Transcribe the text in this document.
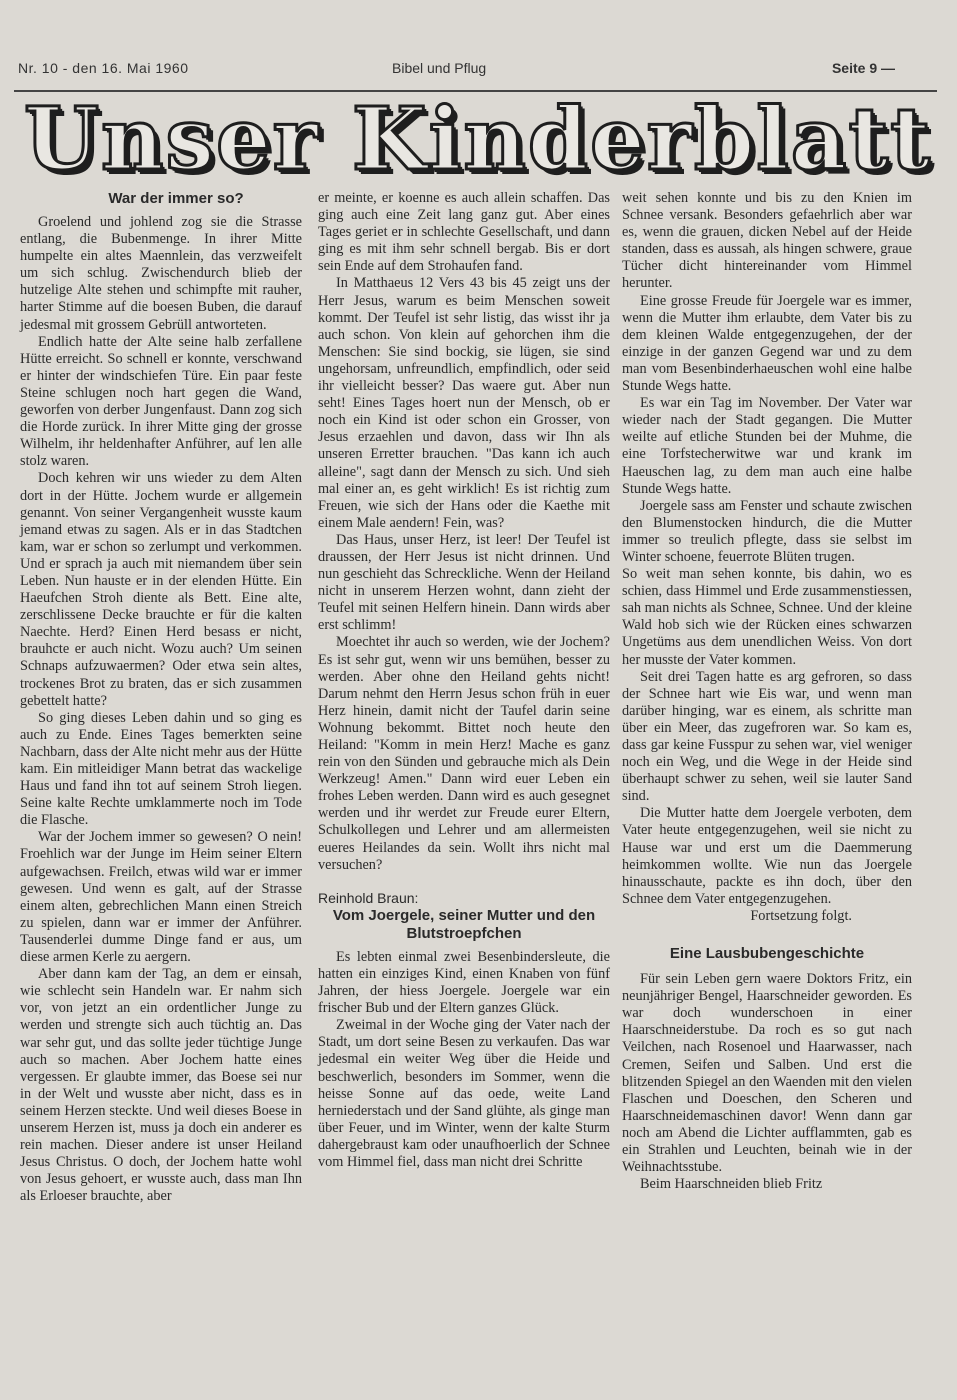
Nr. 10 - den 16. Mai 1960	Bibel und Pflug	Seite 9 —
Unser Kinderblatt
War der immer so?

Groelend und johlend zog sie die Strasse entlang, die Bubenmenge. In ihrer Mitte humpelte ein altes Maennlein, das verzweifelt um sich schlug. Zwischendurch blieb der hutzelige Alte stehen und schimpfte mit rauher, harter Stimme auf die boesen Buben, die darauf jedesmal mit grossem Gebrüll antworteten.

Endlich hatte der Alte seine halb zerfallene Hütte erreicht. So schnell er konnte, verschwand er hinter der windschiefen Türe. Ein paar feste Steine schlugen noch hart gegen die Wand, geworfen von derber Jungenfaust. Dann zog sich die Horde zurück. In ihrer Mitte ging der grosse Wilhelm, ihr heldenhafter Anführer, auf len alle stolz waren.

Doch kehren wir uns wieder zu dem Alten dort in der Hütte. Jochem wurde er allgemein genannt. Von seiner Vergangenheit wusste kaum jemand etwas zu sagen. Als er in das Stadtchen kam, war er schon so zerlumpt und verkommen. Und er sprach ja auch mit niemandem über sein Leben. Nun hauste er in der elenden Hütte. Ein Haeufchen Stroh diente als Bett. Eine alte, zerschlissene Decke brauchte er für die kalten Naechte. Herd? Einen Herd besass er nicht, brauhcte er auch nicht. Wozu auch? Um seinen Schnaps aufzuwaermen? Oder etwa sein altes, trockenes Brot zu braten, das er sich zusammen gebettelt hatte?

So ging dieses Leben dahin und so ging es auch zu Ende. Eines Tages bemerkten seine Nachbarn, dass der Alte nicht mehr aus der Hütte kam. Ein mitleidiger Mann betrat das wackelige Haus und fand ihn tot auf seinem Stroh liegen. Seine kalte Rechte umklammerte noch im Tode die Flasche.

War der Jochem immer so gewesen? O nein! Froehlich war der Junge im Heim seiner Eltern aufgewachsen. Freilch, etwas wild war er immer gewesen. Und wenn es galt, auf der Strasse einem alten, gebrechlichen Mann einen Streich zu spielen, dann war er immer der Anführer. Tausenderlei dumme Dinge fand er aus, um diese armen Kerle zu aergern.

Aber dann kam der Tag, an dem er einsah, wie schlecht sein Handeln war. Er nahm sich vor, von jetzt an ein ordentlicher Junge zu werden und strengte sich auch tüchtig an. Das war sehr gut, und das sollte jeder tüchtige Junge auch so machen. Aber Jochem hatte eines vergessen. Er glaubte immer, das Boese sei nur in der Welt und wusste aber nicht, dass es in seinem Herzen steckte. Und weil dieses Boese in unserem Herzen ist, muss ja doch ein anderer es rein machen. Dieser andere ist unser Heiland Jesus Christus. O doch, der Jochem hatte wohl von Jesus gehoert, er wusste auch, dass man Ihn als Erloeser brauchte, aber

er meinte, er koenne es auch allein schaffen. Das ging auch eine Zeit lang ganz gut. Aber eines Tages geriet er in schlechte Gesellschaft, und dann ging es mit ihm sehr schnell bergab. Bis er dort sein Ende auf dem Strohaufen fand.

In Matthaeus 12 Vers 43 bis 45 zeigt uns der Herr Jesus, warum es beim Menschen soweit kommt. Der Teufel ist sehr listig, das wisst ihr ja auch schon. Von klein auf gehorchen ihm die Menschen: Sie sind bockig, sie lügen, sie sind ungehorsam, unfreundlich, empfindlich, oder seid ihr vielleicht besser? Das waere gut. Aber nun seht! Eines Tages hoert nun der Mensch, ob er noch ein Kind ist oder schon ein Grosser, von Jesus erzaehlen und davon, dass wir Ihn als unseren Erretter brauchen. "Das kann ich auch alleine", sagt dann der Mensch zu sich. Und sieh mal einer an, es geht wirklich! Es ist richtig zum Freuen, wie sich der Hans oder die Kaethe mit einem Male aendern! Fein, was?

Das Haus, unser Herz, ist leer! Der Teufel ist draussen, der Herr Jesus ist nicht drinnen. Und nun geschieht das Schreckliche. Wenn der Heiland nicht in unserem Herzen wohnt, dann zieht der Teufel mit seinen Helfern hinein. Dann wirds aber erst schlimm!

Moechtet ihr auch so werden, wie der Jochem? Es ist sehr gut, wenn wir uns bemühen, besser zu werden. Aber ohne den Heiland gehts nicht! Darum nehmt den Herrn Jesus schon früh in euer Herz hinein, damit nicht der Taufel darin seine Wohnung bekommt. Bittet noch heute den Heiland: "Komm in mein Herz! Mache es ganz rein von den Sünden und gebrauche mich als Dein Werkzeug! Amen." Dann wird euer Leben ein frohes Leben werden. Dann wird es auch gesegnet werden und ihr werdet zur Freude eurer Eltern, Schulkollegen und Lehrer und am allermeisten eueres Heilandes da sein. Wollt ihrs nicht mal versuchen?

Reinhold Braun:
Vom Joergele, seiner Mutter und den Blutstroepfchen

Es lebten einmal zwei Besenbindersleute, die hatten ein einziges Kind, einen Knaben von fünf Jahren, der hiess Joergele. Joergele war ein frischer Bub und der Eltern ganzes Glück.

Zweimal in der Woche ging der Vater nach der Stadt, um dort seine Besen zu verkaufen. Das war jedesmal ein weiter Weg über die Heide und beschwerlich, besonders im Sommer, wenn die heisse Sonne auf das oede, weite Land herniederstach und der Sand glühte, als ginge man über Feuer, und im Winter, wenn der kalte Sturm dahergebraust kam oder unaufhoerlich der Schnee vom Himmel fiel, dass man nicht drei Schritte

weit sehen konnte und bis zu den Knien im Schnee versank. Besonders gefaehrlich aber war es, wenn die grauen, dicken Nebel auf der Heide standen, dass es aussah, als hingen schwere, graue Tücher dicht hintereinander vom Himmel herunter.

Eine grosse Freude für Joergele war es immer, wenn die Mutter ihm erlaubte, dem Vater bis zu dem kleinen Walde entgegenzugehen, der der einzige in der ganzen Gegend war und zu dem man vom Besenbinderhaeuschen wohl eine halbe Stunde Wegs hatte.

Es war ein Tag im November. Der Vater war wieder nach der Stadt gegangen. Die Mutter weilte auf etliche Stunden bei der Muhme, die eine Torfstecherwitwe war und krank im Haeuschen lag, zu dem man auch eine halbe Stunde Wegs hatte.

Joergele sass am Fenster und schaute zwischen den Blumenstocken hindurch, die die Mutter immer so treulich pflegte, dass sie selbst im Winter schoene, feuerrote Blüten trugen.

So weit man sehen konnte, bis dahin, wo es schien, dass Himmel und Erde zusammenstiessen, sah man nichts als Schnee, Schnee. Und der kleine Wald hob sich wie der Rücken eines schwarzen Ungetüms aus dem unendlichen Weiss. Von dort her musste der Vater kommen.

Seit drei Tagen hatte es arg gefroren, so dass der Schnee hart wie Eis war, und wenn man darüber hinging, war es einem, als schritte man über ein Meer, das zugefroren war. So kam es, dass gar keine Fusspur zu sehen war, viel weniger noch ein Weg, und die Wege in der Heide sind überhaupt schwer zu sehen, weil sie lauter Sand sind.

Die Mutter hatte dem Joergele verboten, dem Vater heute entgegenzugehen, weil sie nicht zu Hause war und erst um die Daemmerung heimkommen wollte. Wie nun das Joergele hinausschaute, packte es ihn doch, über den Schnee dem Vater entgegenzugehen.

Fortsetzung folgt.

Eine Lausbubengeschichte

Für sein Leben gern waere Doktors Fritz, ein neunjähriger Bengel, Haarschneider geworden. Es war doch wunderschoen in einer Haarschneiderstube. Da roch es so gut nach Veilchen, nach Rosenoel und Haarwasser, nach Cremen, Seifen und Salben. Und erst die blitzenden Spiegel an den Waenden mit den vielen Flaschen und Doeschen, den Scheren und Haarschneidemaschinen davor! Wenn dann gar noch am Abend die Lichter aufflammten, gab es ein Strahlen und Leuchten, beinah wie in der Weihnachtsstube.

Beim Haarschneiden blieb Fritz
